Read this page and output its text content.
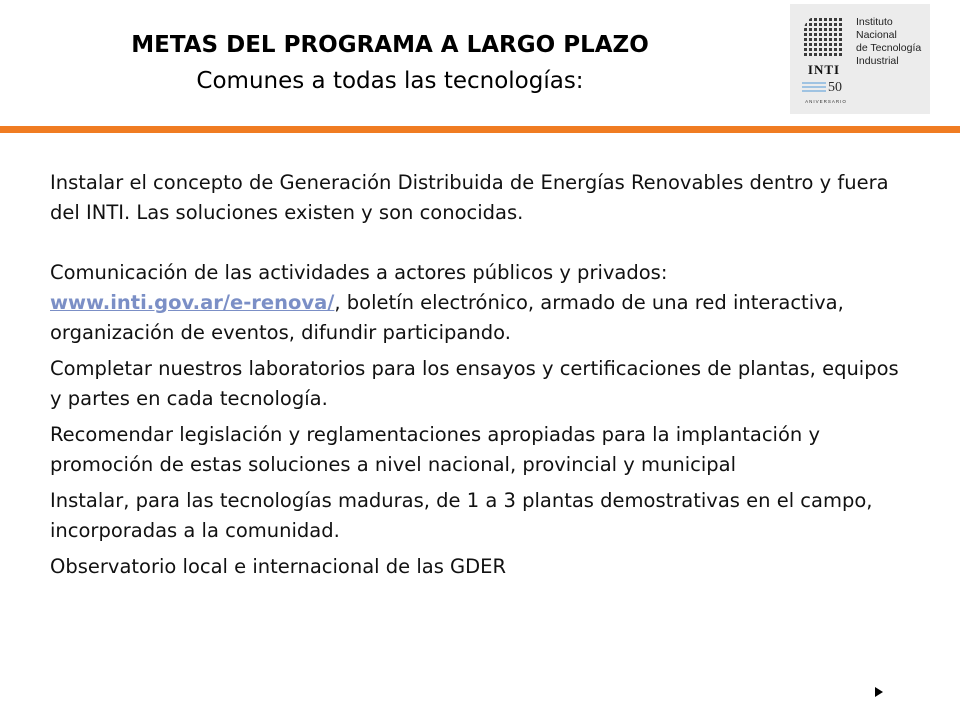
METAS DEL PROGRAMA A LARGO PLAZO
Comunes a todas las tecnologías:
Instituto
Nacional
de Tecnología
Industrial
INTI
50
ANIVERSARIO

Instalar el concepto de Generación Distribuida de Energías Renovables dentro y fuera del INTI. Las soluciones existen y son conocidas.

Comunicación de las actividades a actores públicos y privados:
www.inti.gov.ar/e-renova/, boletín electrónico, armado de una red interactiva, organización de eventos, difundir participando.

Completar nuestros laboratorios para los ensayos y certificaciones de plantas, equipos y partes en cada tecnología.

Recomendar legislación y reglamentaciones apropiadas para la implantación y promoción de estas soluciones a nivel nacional, provincial y municipal

Instalar, para las tecnologías maduras, de 1 a 3 plantas demostrativas en el campo, incorporadas a la comunidad.

Observatorio local e internacional de las GDER
